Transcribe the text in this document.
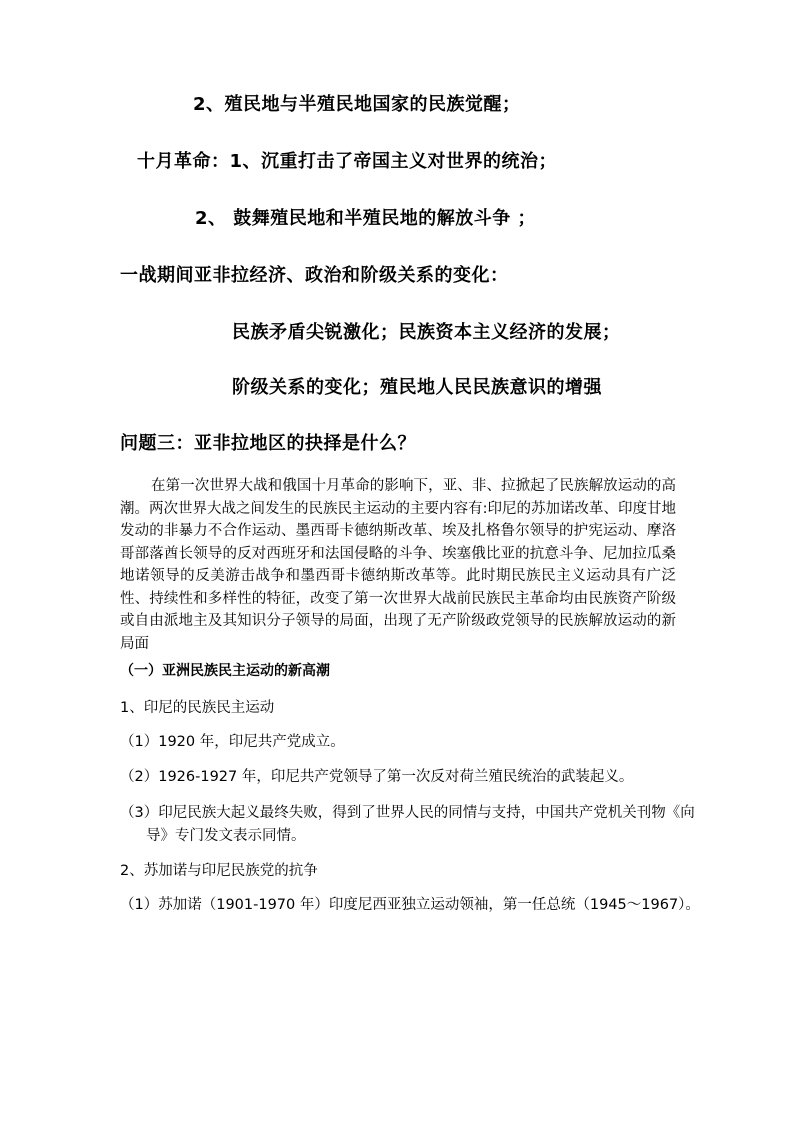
2、殖民地与半殖民地国家的民族觉醒；
十月革命：1、沉重打击了帝国主义对世界的统治；
2、 鼓舞殖民地和半殖民地的解放斗争 ；
一战期间亚非拉经济、政治和阶级关系的变化：
民族矛盾尖锐激化；民族资本主义经济的发展；
阶级关系的变化；殖民地人民民族意识的增强
问题三：亚非拉地区的抉择是什么？
在第一次世界大战和俄国十月革命的影响下，亚、非、拉掀起了民族解放运动的高潮。两次世界大战之间发生的民族民主运动的主要内容有:印尼的苏加诺改革、印度甘地发动的非暴力不合作运动、墨西哥卡德纳斯改革、埃及扎格鲁尔领导的护宪运动、摩洛哥部落酋长领导的反对西班牙和法国侵略的斗争、埃塞俄比亚的抗意斗争、尼加拉瓜桑地诺领导的反美游击战争和墨西哥卡德纳斯改革等。此时期民族民主义运动具有广泛性、持续性和多样性的特征，改变了第一次世界大战前民族民主革命均由民族资产阶级或自由派地主及其知识分子领导的局面，出现了无产阶级政党领导的民族解放运动的新局面
（一）亚洲民族民主运动的新高潮
1、印尼的民族民主运动
（1）1920 年，印尼共产党成立。
（2）1926-1927 年，印尼共产党领导了第一次反对荷兰殖民统治的武装起义。
（3）印尼民族大起义最终失败，得到了世界人民的同情与支持，中国共产党机关刊物《向导》专门发文表示同情。
2、苏加诺与印尼民族党的抗争
（1）苏加诺（1901-1970 年）印度尼西亚独立运动领袖，第一任总统（1945～1967）。
